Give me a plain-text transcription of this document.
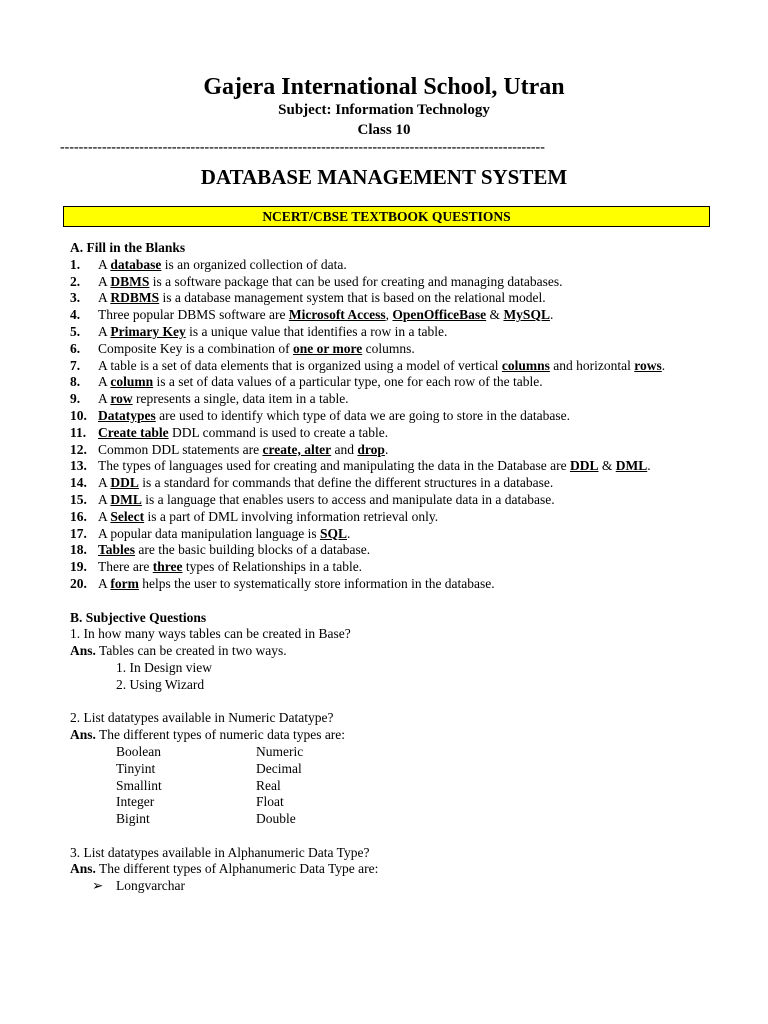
Gajera International School, Utran
Subject: Information Technology
Class 10
--------------------------------------------------------------------------------------------------------
DATABASE MANAGEMENT SYSTEM
NCERT/CBSE TEXTBOOK QUESTIONS
A. Fill in the Blanks
1.	A database is an organized collection of data.
2.	A DBMS is a software package that can be used for creating and managing databases.
3.	A RDBMS is a database management system that is based on the relational model.
4.	Three popular DBMS software are Microsoft Access, OpenOfficeBase & MySQL.
5.	A Primary Key is a unique value that identifies a row in a table.
6.	Composite Key is a combination of one or more columns.
7.	A table is a set of data elements that is organized using a model of vertical columns and horizontal rows.
8.	A column is a set of data values of a particular type, one for each row of the table.
9.	A row represents a single, data item in a table.
10. Datatypes are used to identify which type of data we are going to store in the database.
11. Create table DDL command is used to create a table.
12. Common DDL statements are create, alter and drop.
13. The types of languages used for creating and manipulating the data in the Database are DDL & DML.
14. A DDL is a standard for commands that define the different structures in a database.
15. A DML is a language that enables users to access and manipulate data in a database.
16. A Select is a part of DML involving information retrieval only.
17. A popular data manipulation language is SQL.
18. Tables are the basic building blocks of a database.
19. There are three types of Relationships in a table.
20. A form helps the user to systematically store information in the database.
B. Subjective Questions
1. In how many ways tables can be created in Base?
Ans. Tables can be created in two ways.
1. In Design view
2. Using Wizard
2. List datatypes available in Numeric Datatype?
Ans. The different types of numeric data types are:
Boolean	Numeric
Tinyint	Decimal
Smallint	Real
Integer	Float
Bigint	Double
3. List datatypes available in Alphanumeric Data Type?
Ans. The different types of Alphanumeric Data Type are:
➢ Longvarchar
